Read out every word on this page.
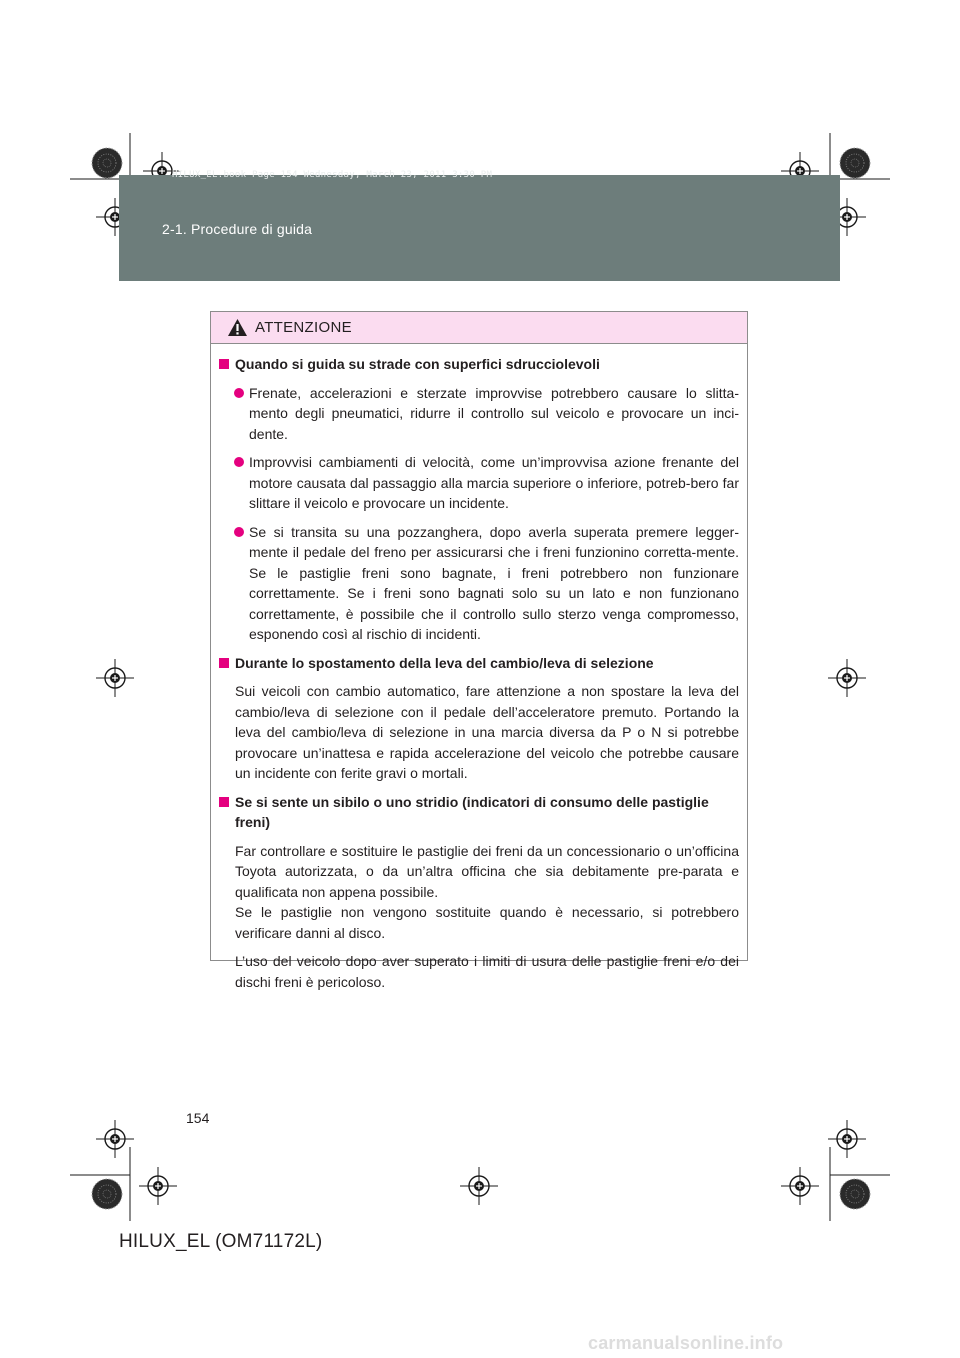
HILUX_EL.book Page 154 Wednesday, March 23, 2011 3:30 PM
2-1. Procedure di guida
ATTENZIONE
Quando si guida su strade con superfici sdrucciolevoli
Frenate, accelerazioni e sterzate improvvise potrebbero causare lo slitta-mento degli pneumatici, ridurre il controllo sul veicolo e provocare un inci-dente.
Improvvisi cambiamenti di velocità, come un’improvvisa azione frenante del motore causata dal passaggio alla marcia superiore o inferiore, potreb-bero far slittare il veicolo e provocare un incidente.
Se si transita su una pozzanghera, dopo averla superata premere legger-mente il pedale del freno per assicurarsi che i freni funzionino corretta-mente. Se le pastiglie freni sono bagnate, i freni potrebbero non funzionare correttamente. Se i freni sono bagnati solo su un lato e non funzionano correttamente, è possibile che il controllo sullo sterzo venga compromesso, esponendo così al rischio di incidenti.
Durante lo spostamento della leva del cambio/leva di selezione
Sui veicoli con cambio automatico, fare attenzione a non spostare la leva del cambio/leva di selezione con il pedale dell’acceleratore premuto. Portando la leva del cambio/leva di selezione in una marcia diversa da P o N si potrebbe provocare un’inattesa e rapida accelerazione del veicolo che potrebbe causare un incidente con ferite gravi o mortali.
Se si sente un sibilo o uno stridio (indicatori di consumo delle pastiglie freni)
Far controllare e sostituire le pastiglie dei freni da un concessionario o un’officina Toyota autorizzata, o da un’altra officina che sia debitamente pre-parata e qualificata non appena possibile.
Se le pastiglie non vengono sostituite quando è necessario, si potrebbero verificare danni al disco.
L’uso del veicolo dopo aver superato i limiti di usura delle pastiglie freni e/o dei dischi freni è pericoloso.
154
HILUX_EL (OM71172L)
carmanualsonline.info
